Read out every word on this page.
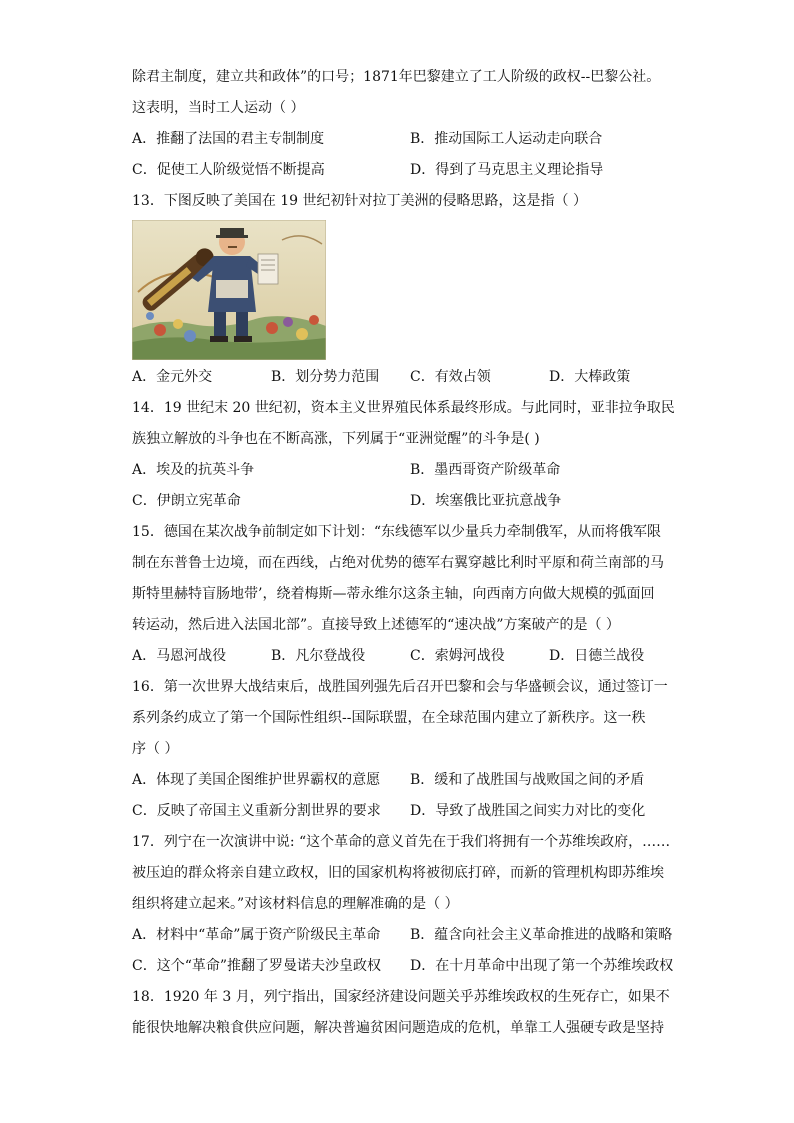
除君主制度，建立共和政体”的口号；1871年巴黎建立了工人阶级的政权--巴黎公社。
这表明，当时工人运动（ ）
A．推翻了法国的君主专制制度	B．推动国际工人运动走向联合
C．促使工人阶级觉悟不断提高	D．得到了马克思主义理论指导
13．下图反映了美国在 19 世纪初针对拉丁美洲的侵略思路，这是指（ ）
A．金元外交	B．划分势力范围	C．有效占领	D．大棒政策
14．19 世纪末 20 世纪初，资本主义世界殖民体系最终形成。与此同时，亚非拉争取民
族独立解放的斗争也在不断高涨，下列属于“亚洲觉醒”的斗争是( )
A．埃及的抗英斗争	B．墨西哥资产阶级革命
C．伊朗立宪革命	D．埃塞俄比亚抗意战争
15．德国在某次战争前制定如下计划：“东线德军以少量兵力牵制俄军，从而将俄军限
制在东普鲁士边境，而在西线，占绝对优势的德军右翼穿越比利时平原和荷兰南部的马
斯特里赫特盲肠地带’，绕着梅斯—蒂永维尔这条主轴，向西南方向做大规模的弧面回
转运动，然后进入法国北部”。直接导致上述德军的“速决战”方案破产的是（ ）
A．马恩河战役	B．凡尔登战役	C．索姆河战役	D．日德兰战役
16．第一次世界大战结束后，战胜国列强先后召开巴黎和会与华盛顿会议，通过签订一
系列条约成立了第一个国际性组织--国际联盟，在全球范围内建立了新秩序。这一秩
序（ ）
A．体现了美国企图维护世界霸权的意愿	B．缓和了战胜国与战败国之间的矛盾
C．反映了帝国主义重新分割世界的要求	D．导致了战胜国之间实力对比的变化
17．列宁在一次演讲中说: “这个革命的意义首先在于我们将拥有一个苏维埃政府，……
被压迫的群众将亲自建立政权，旧的国家机构将被彻底打碎，而新的管理机构即苏维埃
组织将建立起来。”对该材料信息的理解准确的是（ ）
A．材料中“革命”属于资产阶级民主革命	B．蕴含向社会主义革命推进的战略和策略
C．这个“革命”推翻了罗曼诺夫沙皇政权	D．在十月革命中出现了第一个苏维埃政权
18．1920 年 3 月，列宁指出，国家经济建设问题关乎苏维埃政权的生死存亡，如果不
能很快地解决粮食供应问题，解决普遍贫困问题造成的危机，单靠工人强硬专政是坚持
